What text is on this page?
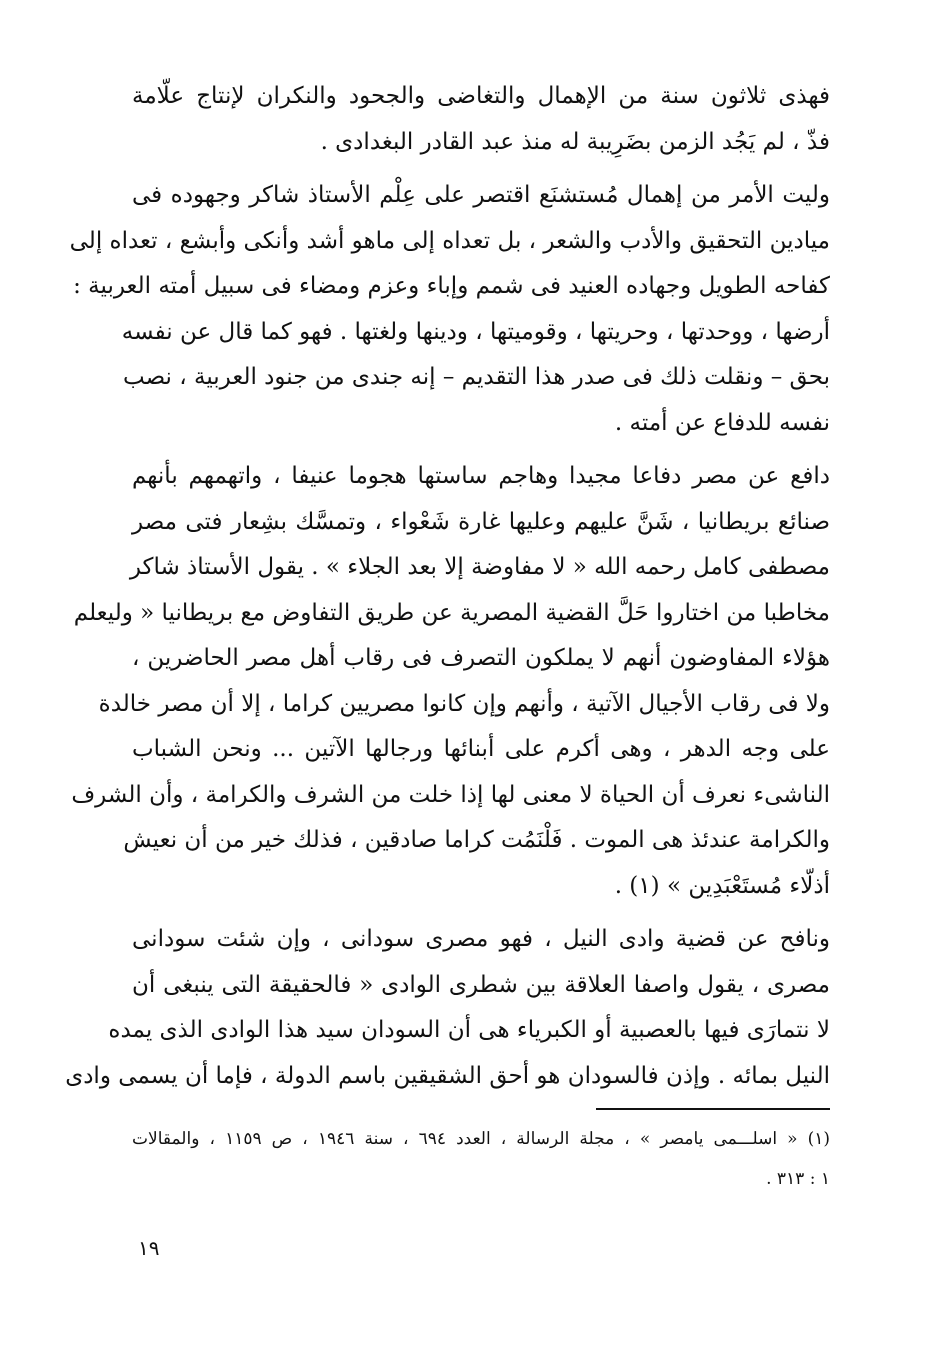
فهذى ثلاثون سنة من الإهمال والتغاضى والجحود والنكران لإنتاج علّامة
فذّ ، لم يَجُد الزمن بضَرِيبة له منذ عبد القادر البغدادى .
وليت الأمر من إهمال مُستشنَع اقتصر على عِلْم الأستاذ شاكر وجهوده فى
ميادين التحقيق والأدب والشعر ، بل تعداه إلى ماهو أشد وأنكى وأبشع ، تعداه إلى
كفاحه الطويل وجهاده العنيد فى شمم وإباء وعزم ومضاء فى سبيل أمته العربية :
أرضها ، ووحدتها ، وحريتها ، وقوميتها ، ودينها ولغتها . فهو كما قال عن نفسه
بحق – ونقلت ذلك فى صدر هذا التقديم – إنه جندى من جنود العربية ، نصب
نفسه للدفاع عن أمته .
دافع عن مصر دفاعا مجيدا وهاجم ساستها هجوما عنيفا ، واتهمهم بأنهم
صنائع بريطانيا ، شَنَّ عليهم وعليها غارة شَعْواء ، وتمسَّك بشِعار فتى مصر
مصطفى كامل رحمه الله « لا مفاوضة إلا بعد الجلاء » . يقول الأستاذ شاكر
مخاطبا من اختاروا حَلَّ القضية المصرية عن طريق التفاوض مع بريطانيا « وليعلم
هؤلاء المفاوضون أنهم لا يملكون التصرف فى رقاب أهل مصر الحاضرين ،
ولا فى رقاب الأجيال الآتية ، وأنهم وإن كانوا مصريين كراما ، إلا أن مصر خالدة
على وجه الدهر ، وهى أكرم على أبنائها ورجالها الآتين ... ونحن الشباب
الناشىء نعرف أن الحياة لا معنى لها إذا خلت من الشرف والكرامة ، وأن الشرف
والكرامة عندئذ هى الموت . فَلْنَمُت كراما صادقين ، فذلك خير من أن نعيش
أذلّاء مُستَعْبَدِين » (١) .
ونافح عن قضية وادى النيل ، فهو مصرى سودانى ، وإن شئت سودانى
مصرى ، يقول واصفا العلاقة بين شطرى الوادى « فالحقيقة التى ينبغى أن
لا نتمارَى فيها بالعصبية أو الكبرياء هى أن السودان سيد هذا الوادى الذى يمده
النيل بمائه . وإذن فالسودان هو أحق الشقيقين باسم الدولة ، فإما أن يسمى وادى
(١) « اسلـــمى يامصر » ، مجلة الرسالة ، العدد ٦٩٤ ، سنة ١٩٤٦ ، ص ١١٥٩ ، والمقالات
١ : ٣١٣ .
١٩
